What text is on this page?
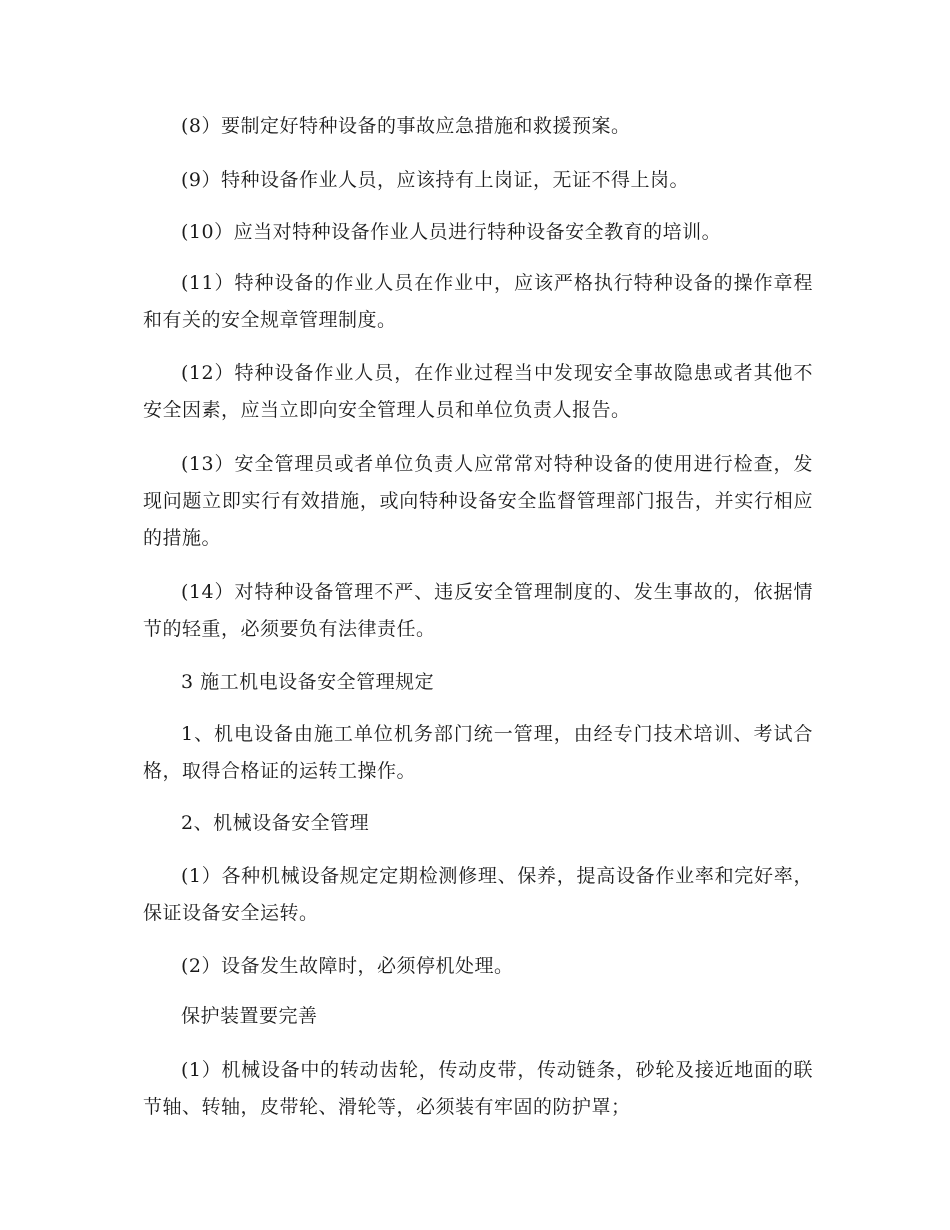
(8）要制定好特种设备的事故应急措施和救援预案。

(9）特种设备作业人员，应该持有上岗证，无证不得上岗。

(10）应当对特种设备作业人员进行特种设备安全教育的培训。

(11）特种设备的作业人员在作业中，应该严格执行特种设备的操作章程和有关的安全规章管理制度。

(12）特种设备作业人员，在作业过程当中发现安全事故隐患或者其他不安全因素，应当立即向安全管理人员和单位负责人报告。

(13）安全管理员或者单位负责人应常常对特种设备的使用进行检查，发现问题立即实行有效措施，或向特种设备安全监督管理部门报告，并实行相应的措施。

(14）对特种设备管理不严、违反安全管理制度的、发生事故的，依据情节的轻重，必须要负有法律责任。

3 施工机电设备安全管理规定

1、机电设备由施工单位机务部门统一管理，由经专门技术培训、考试合格，取得合格证的运转工操作。

2、机械设备安全管理

(1）各种机械设备规定定期检测修理、保养，提高设备作业率和完好率，保证设备安全运转。

(2）设备发生故障时，必须停机处理。

保护装置要完善

(1）机械设备中的转动齿轮，传动皮带，传动链条，砂轮及接近地面的联节轴、转轴，皮带轮、滑轮等，必须装有牢固的防护罩；
